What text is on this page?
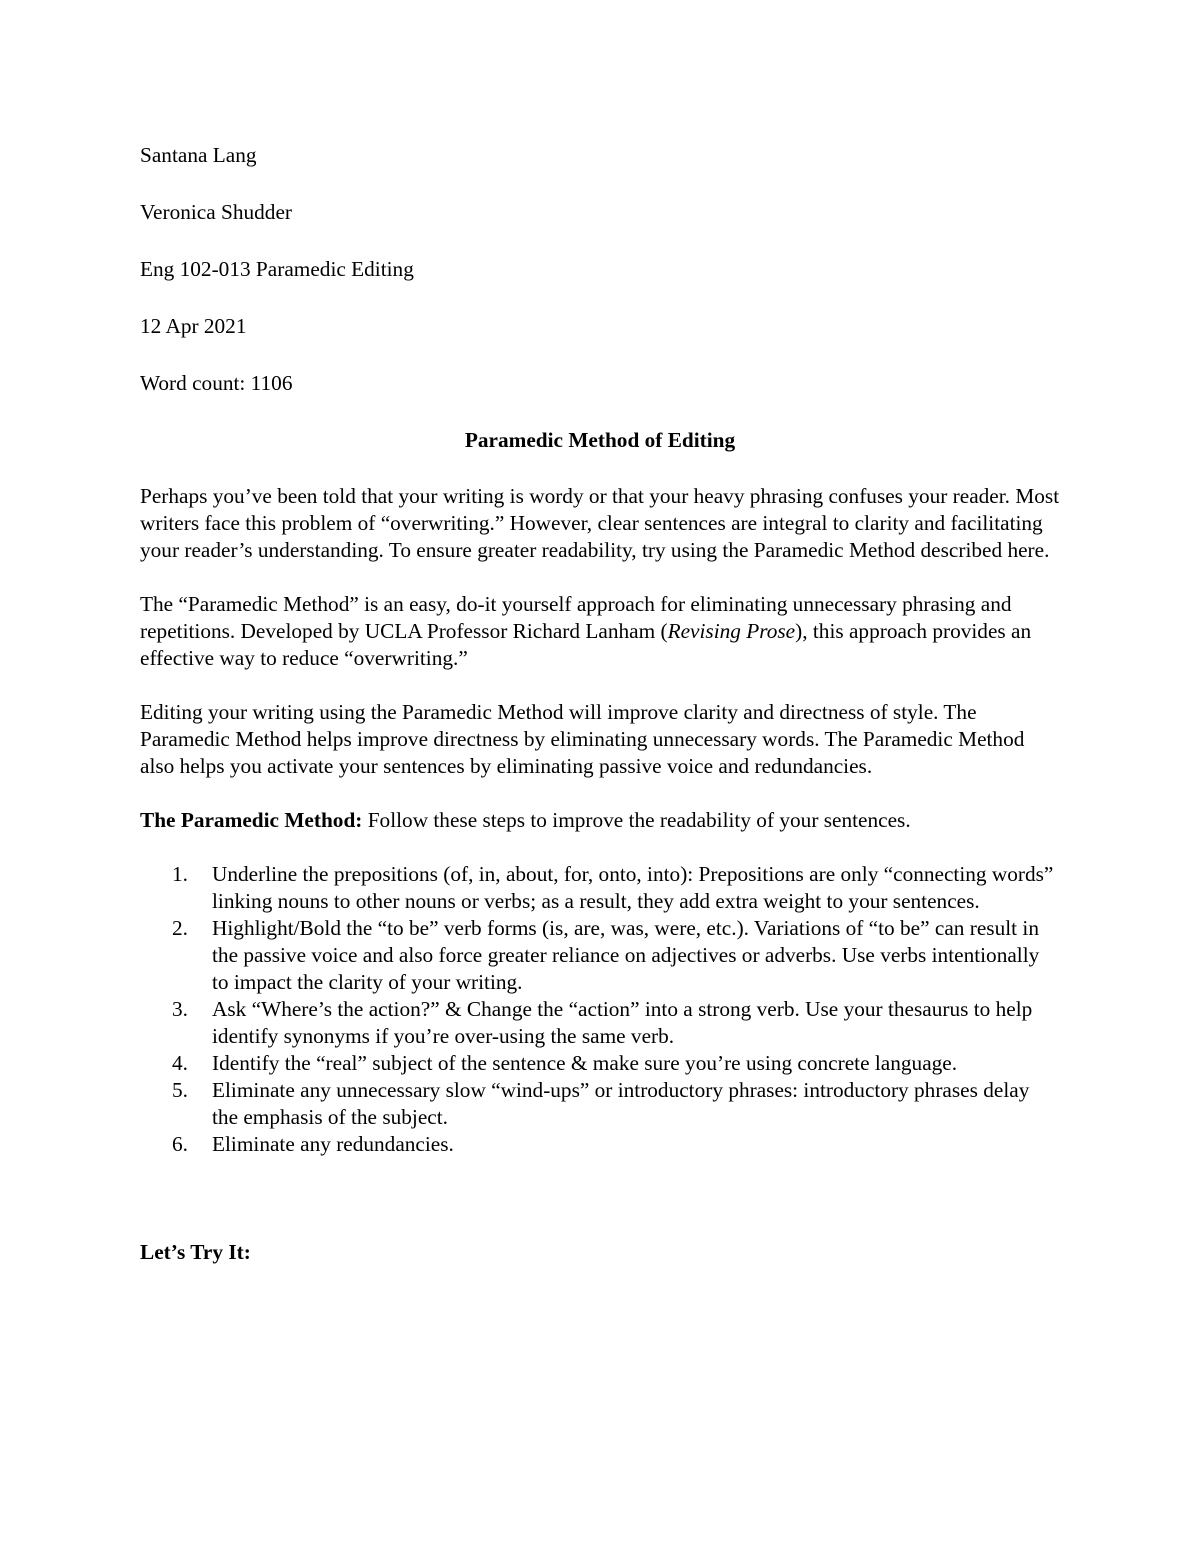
Santana Lang
Veronica Shudder
Eng 102-013 Paramedic Editing
12 Apr 2021
Word count: 1106
Paramedic Method of Editing
Perhaps you’ve been told that your writing is wordy or that your heavy phrasing confuses your reader. Most writers face this problem of “overwriting.” However, clear sentences are integral to clarity and facilitating your reader’s understanding. To ensure greater readability, try using the Paramedic Method described here.
The “Paramedic Method” is an easy, do-it yourself approach for eliminating unnecessary phrasing and repetitions. Developed by UCLA Professor Richard Lanham (Revising Prose), this approach provides an effective way to reduce “overwriting.”
Editing your writing using the Paramedic Method will improve clarity and directness of style. The Paramedic Method helps improve directness by eliminating unnecessary words. The Paramedic Method also helps you activate your sentences by eliminating passive voice and redundancies.
The Paramedic Method: Follow these steps to improve the readability of your sentences.
1.	Underline the prepositions (of, in, about, for, onto, into): Prepositions are only “connecting words” linking nouns to other nouns or verbs; as a result, they add extra weight to your sentences.
2.	Highlight/Bold the “to be” verb forms (is, are, was, were, etc.). Variations of “to be” can result in the passive voice and also force greater reliance on adjectives or adverbs. Use verbs intentionally to impact the clarity of your writing.
3.	Ask “Where’s the action?” & Change the “action” into a strong verb. Use your thesaurus to help identify synonyms if you’re over-using the same verb.
4.	Identify the “real” subject of the sentence & make sure you’re using concrete language.
5.	Eliminate any unnecessary slow “wind-ups” or introductory phrases: introductory phrases delay the emphasis of the subject.
6.	Eliminate any redundancies.
Let’s Try It:
